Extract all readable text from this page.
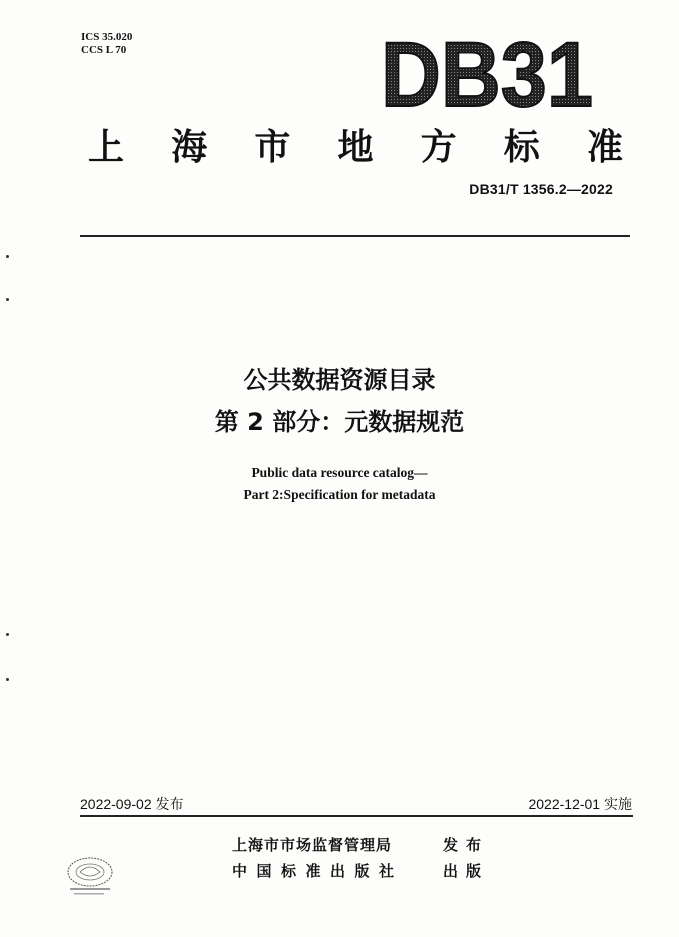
ICS 35.020
CCS L 70	DB31
上 海 市 地 方 标 准
DB31/T 1356.2—2022
公共数据资源目录
第 2 部分：元数据规范
Public data resource catalog—
Part 2:Specification for metadata
2022-09-02 发布	2022-12-01 实施
上海市市场监督管理局
中国标准出版社
发布
出版
